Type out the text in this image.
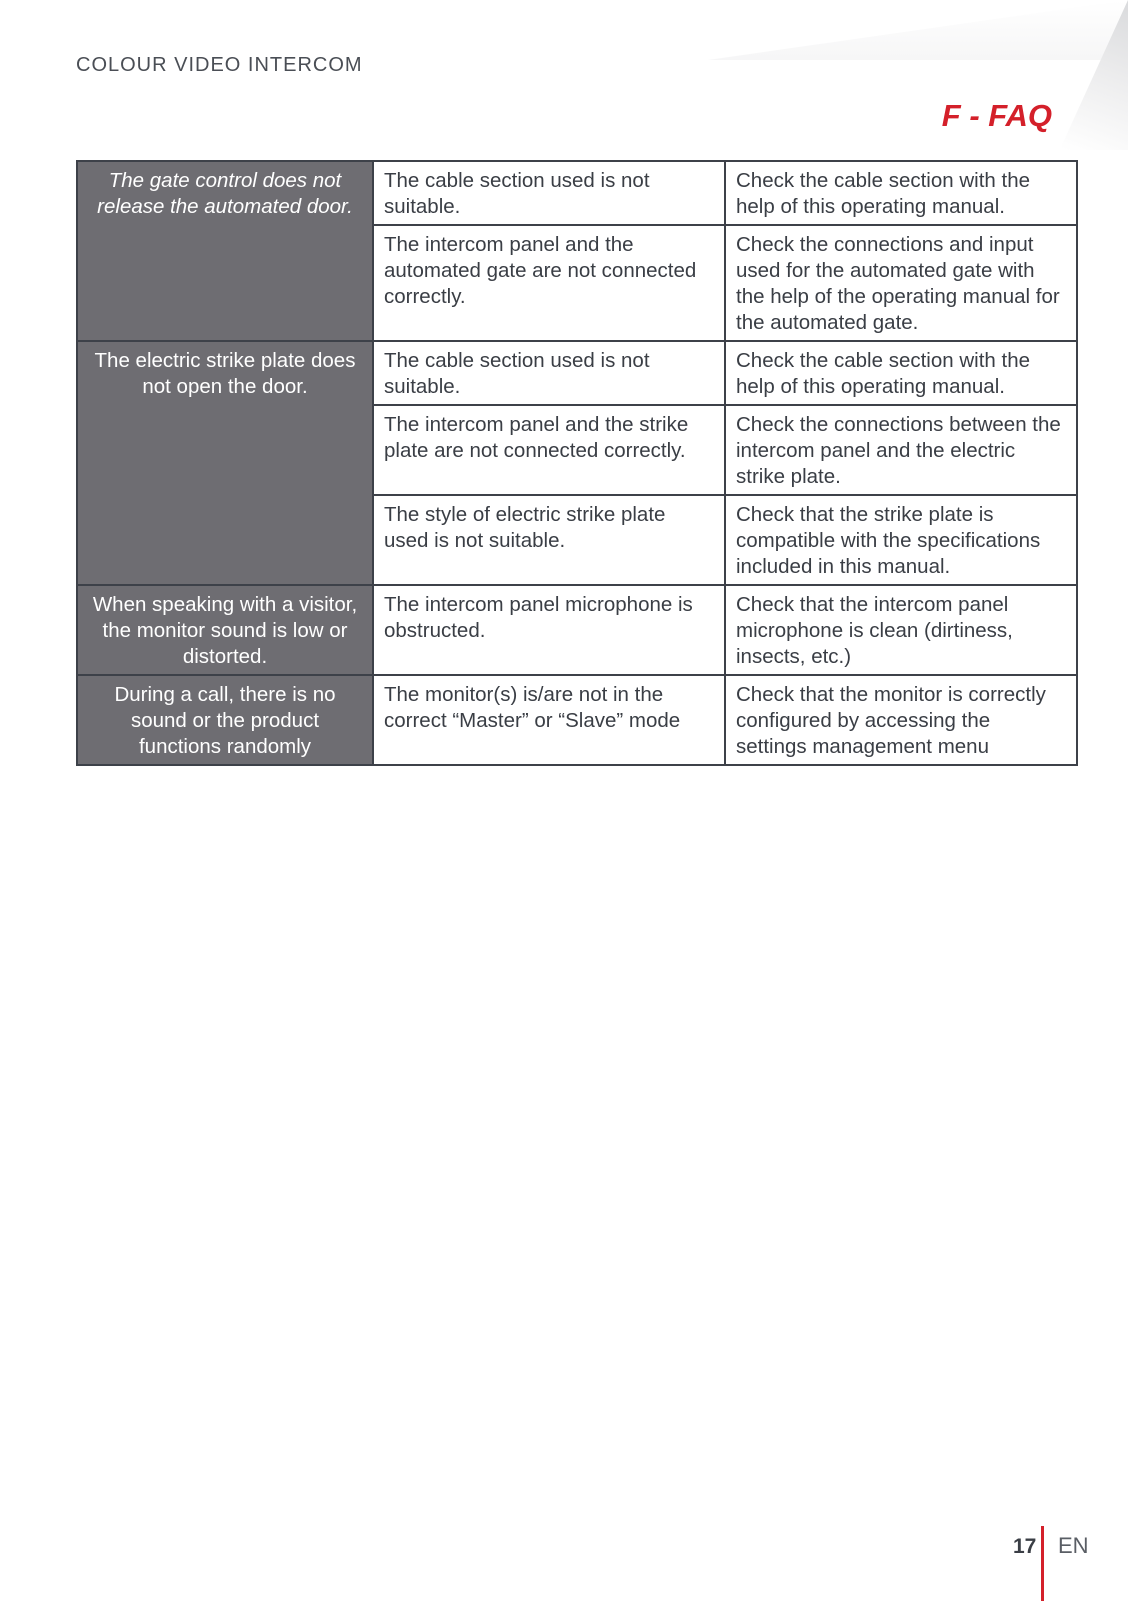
COLOUR VIDEO INTERCOM
F - FAQ
The gate control does not release the automated door.	The cable section used is not suitable.	Check the cable section with the help of this operating manual.
	The intercom panel and the automated gate are not connected correctly.	Check the connections and input used for the automated gate with the help of the operating manual for the automated gate.
The electric strike plate does not open the door.	The cable section used is not suitable.	Check the cable section with the help of this operating manual.
	The intercom panel and the strike plate are not connected correctly.	Check the connections between the intercom panel and the electric strike plate.
	The style of electric strike plate used is not suitable.	Check that the strike plate is compatible with the specifications included in this manual.
When speaking with a visitor, the monitor sound is low or distorted.	The intercom panel microphone is obstructed.	Check that the intercom panel microphone is clean (dirtiness, insects, etc.)
During a call, there is no sound or the product functions randomly	The monitor(s) is/are not in the correct “Master” or “Slave” mode	Check that the monitor is correctly configured by accessing the settings management menu
17 EN
